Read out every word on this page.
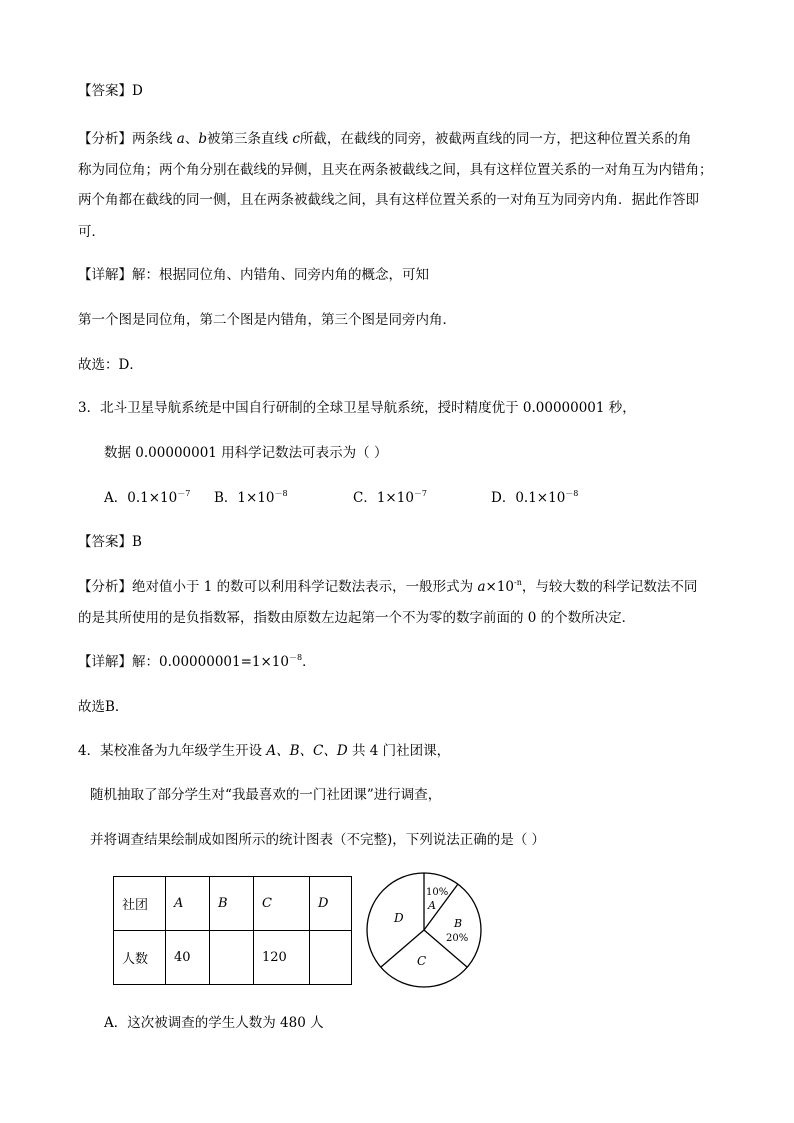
【答案】D
【分析】两条线 a、b被第三条直线 c所截，在截线的同旁，被截两直线的同一方，把这种位置关系的角
称为同位角；两个角分别在截线的异侧，且夹在两条被截线之间，具有这样位置关系的一对角互为内错角；
两个角都在截线的同一侧，且在两条被截线之间，具有这样位置关系的一对角互为同旁内角．据此作答即
可．
【详解】解：根据同位角、内错角、同旁内角的概念，可知
第一个图是同位角，第二个图是内错角，第三个图是同旁内角．
故选：D．
3．北斗卫星导航系统是中国自行研制的全球卫星导航系统，授时精度优于 0.00000001 秒，
数据 0.00000001 用科学记数法可表示为（ ）
A．$0.1\times 10^{-7}$ B．$1\times 10^{-8}$	C．$1\times 10^{-7}$	D．$0.1\times 10^{-8}$
【答案】B
【分析】绝对值小于 1 的数可以利用科学记数法表示，一般形式为 $a\times 10^{-n}$，与较大数的科学记数法不同
的是其所使用的是负指数幂，指数由原数左边起第一个不为零的数字前面的 0 的个数所决定．
【详解】解：$0.00000001=1\times 10^{-8}$．
故选B．
4．某校准备为九年级学生开设 A、B、C、D 共 4 门社团课，
随机抽取了部分学生对“我最喜欢的一门社团课”进行调查，
并将调查结果绘制成如图所示的统计图表（不完整)，下列说法正确的是（ ）
社团	A	B	C	D
人数	40		120	
10%
A
B
20%
C
D
A．这次被调查的学生人数为 480 人
